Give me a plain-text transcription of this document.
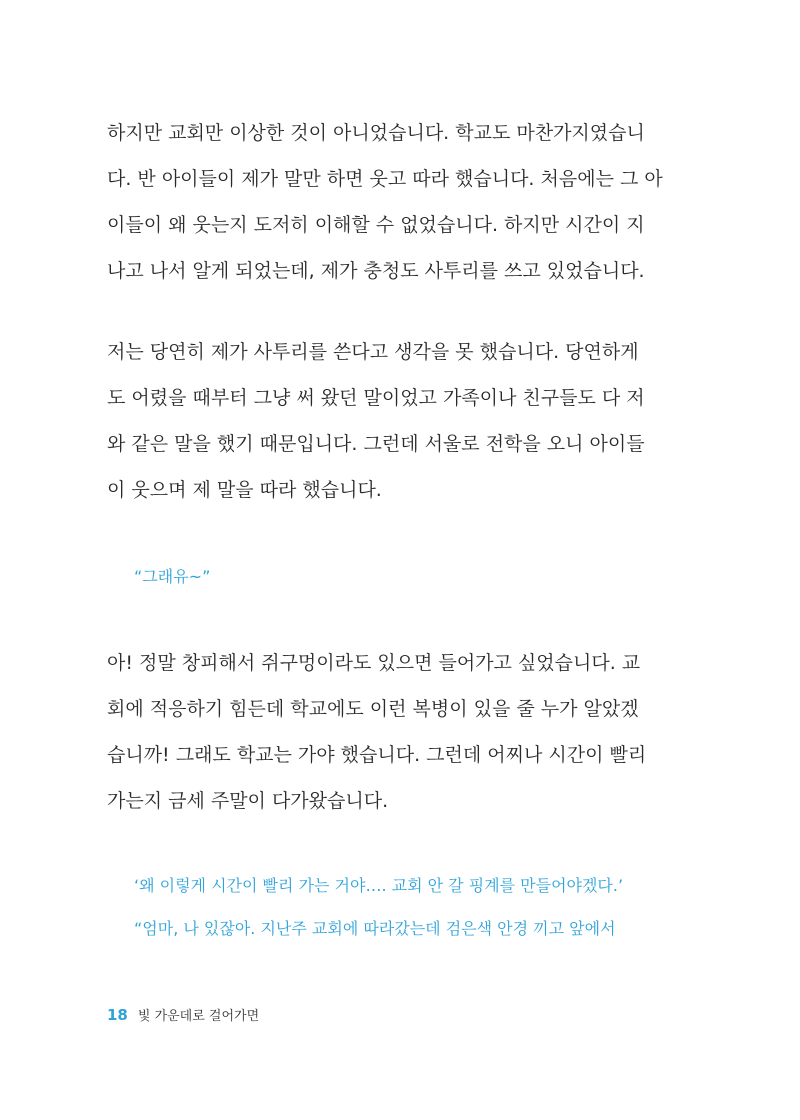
하지만 교회만 이상한 것이 아니었습니다. 학교도 마찬가지였습니
다. 반 아이들이 제가 말만 하면 웃고 따라 했습니다. 처음에는 그 아
이들이 왜 웃는지 도저히 이해할 수 없었습니다. 하지만 시간이 지
나고 나서 알게 되었는데, 제가 충청도 사투리를 쓰고 있었습니다.

저는 당연히 제가 사투리를 쓴다고 생각을 못 했습니다. 당연하게
도 어렸을 때부터 그냥 써 왔던 말이었고 가족이나 친구들도 다 저
와 같은 말을 했기 때문입니다. 그런데 서울로 전학을 오니 아이들
이 웃으며 제 말을 따라 했습니다.

“그래유~”

아! 정말 창피해서 쥐구멍이라도 있으면 들어가고 싶었습니다. 교
회에 적응하기 힘든데 학교에도 이런 복병이 있을 줄 누가 알았겠
습니까! 그래도 학교는 가야 했습니다. 그런데 어찌나 시간이 빨리
가는지 금세 주말이 다가왔습니다.

‘왜 이렇게 시간이 빨리 가는 거야…. 교회 안 갈 핑계를 만들어야겠다.’

“엄마, 나 있잖아. 지난주 교회에 따라갔는데 검은색 안경 끼고 앞에서

18 빛 가운데로 걸어가면
